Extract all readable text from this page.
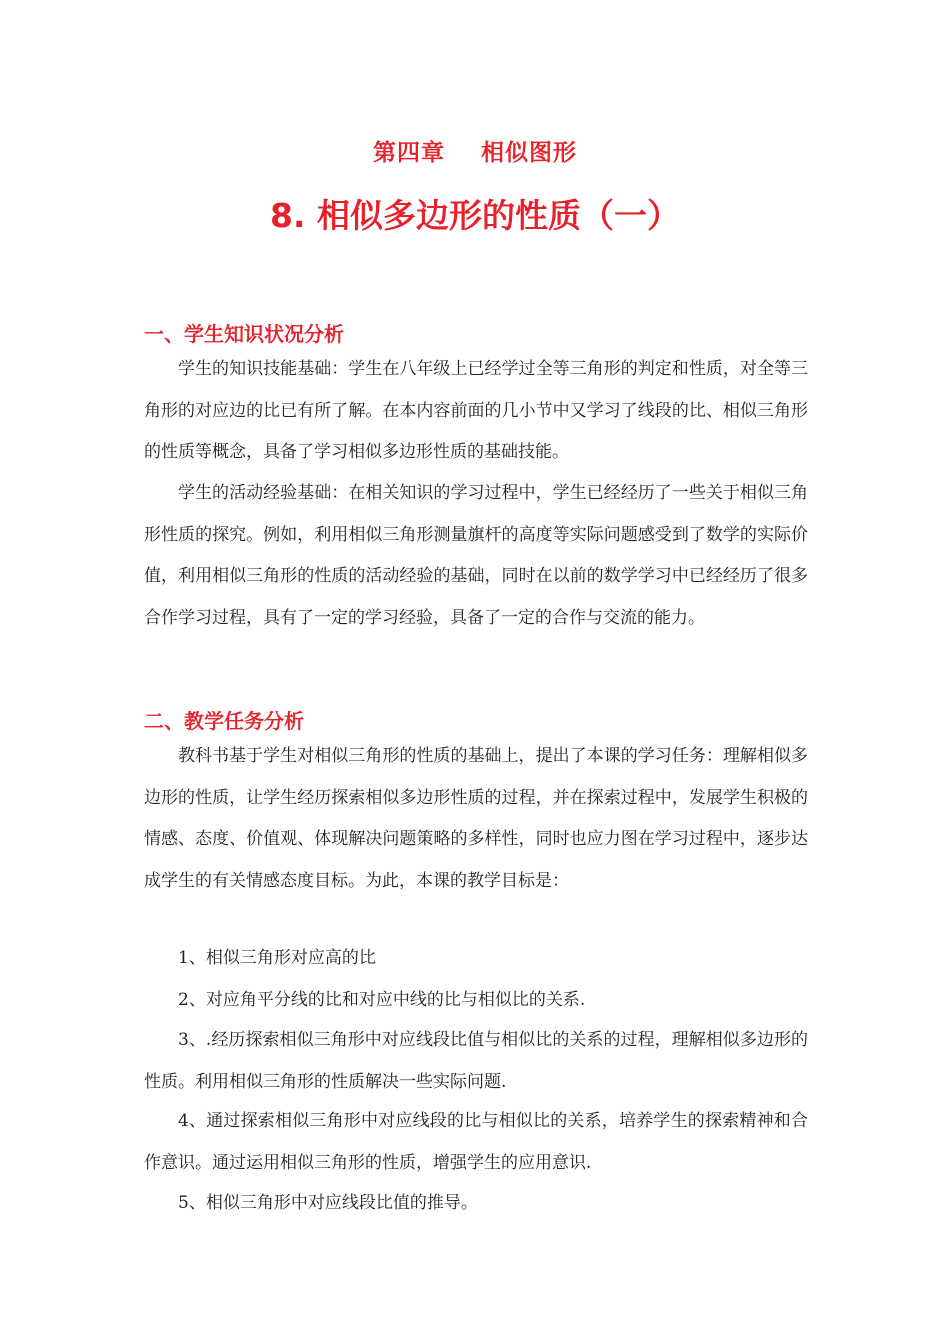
第四章    相似图形
8. 相似多边形的性质（一）
一、学生知识状况分析
学生的知识技能基础：学生在八年级上已经学过全等三角形的判定和性质，对全等三角形的对应边的比已有所了解。在本内容前面的几小节中又学习了线段的比、相似三角形的性质等概念，具备了学习相似多边形性质的基础技能。
学生的活动经验基础：在相关知识的学习过程中，学生已经经历了一些关于相似三角形性质的探究。例如，利用相似三角形测量旗杆的高度等实际问题感受到了数学的实际价值，利用相似三角形的性质的活动经验的基础，同时在以前的数学学习中已经经历了很多合作学习过程，具有了一定的学习经验，具备了一定的合作与交流的能力。
二、教学任务分析
教科书基于学生对相似三角形的性质的基础上，提出了本课的学习任务：理解相似多边形的性质，让学生经历探索相似多边形性质的过程，并在探索过程中，发展学生积极的情感、态度、价值观、体现解决问题策略的多样性，同时也应力图在学习过程中，逐步达成学生的有关情感态度目标。为此，本课的教学目标是：
1、相似三角形对应高的比
2、对应角平分线的比和对应中线的比与相似比的关系.
3、.经历探索相似三角形中对应线段比值与相似比的关系的过程，理解相似多边形的性质。利用相似三角形的性质解决一些实际问题.
4、通过探索相似三角形中对应线段的比与相似比的关系，培养学生的探索精神和合作意识。通过运用相似三角形的性质，增强学生的应用意识.
5、相似三角形中对应线段比值的推导。
